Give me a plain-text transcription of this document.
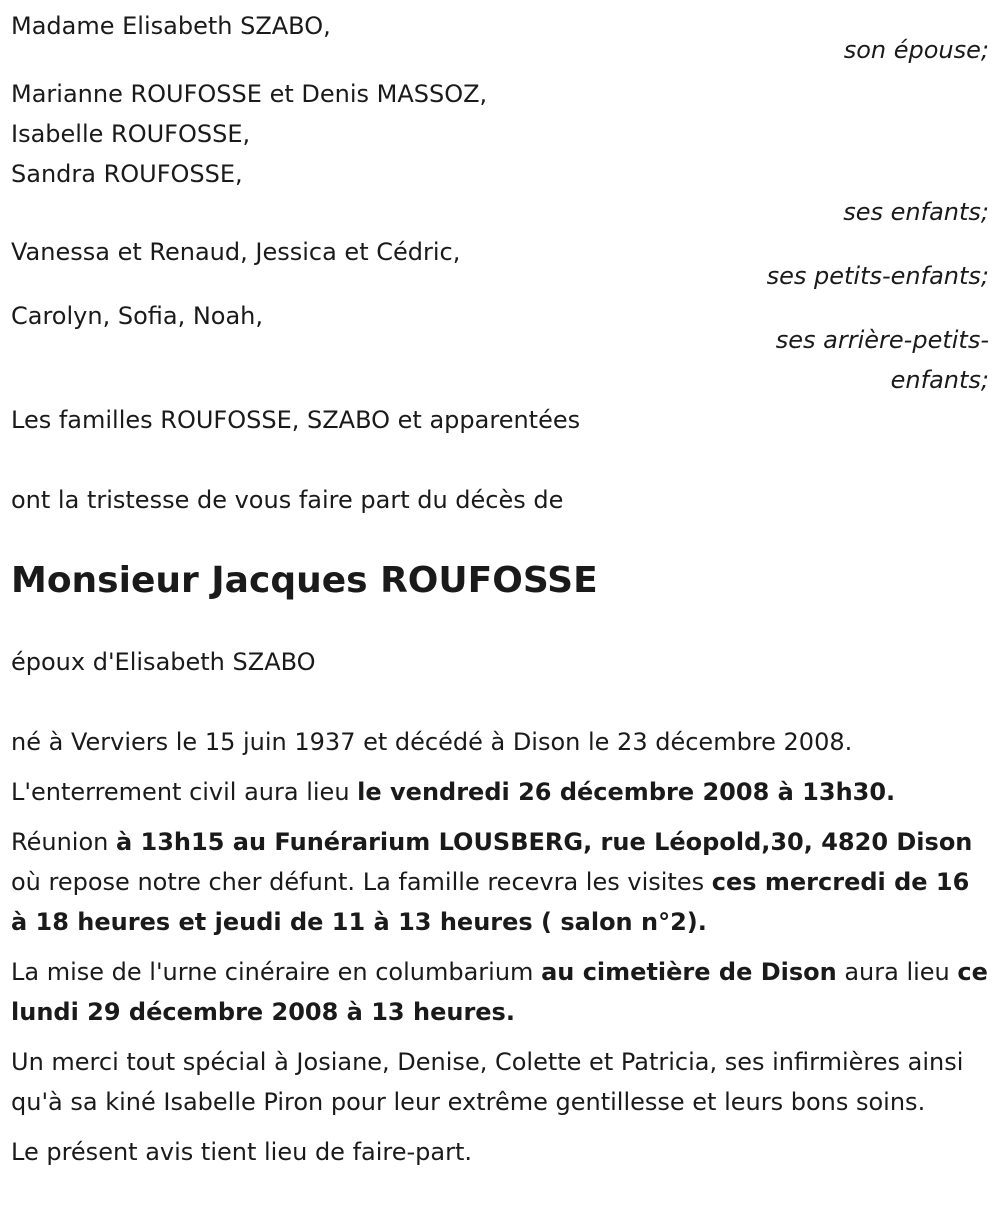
Madame Elisabeth SZABO,
son épouse;
Marianne ROUFOSSE et Denis MASSOZ,
Isabelle ROUFOSSE,
Sandra ROUFOSSE,
ses enfants;
Vanessa et Renaud, Jessica et Cédric,
ses petits-enfants;
Carolyn, Sofia, Noah,
ses arrière-petits-
enfants;
Les familles ROUFOSSE, SZABO et apparentées
ont la tristesse de vous faire part du décès de
Monsieur Jacques ROUFOSSE
époux d'Elisabeth SZABO

né à Verviers le 15 juin 1937 et décédé à Dison le 23 décembre 2008.

L'enterrement civil aura lieu le vendredi 26 décembre 2008 à 13h30.

Réunion à 13h15 au Funérarium LOUSBERG, rue Léopold,30, 4820 Dison où repose notre cher défunt. La famille recevra les visites ces mercredi de 16 à 18 heures et jeudi de 11 à 13 heures ( salon n°2).

La mise de l'urne cinéraire en columbarium au cimetière de Dison aura lieu ce lundi 29 décembre 2008 à 13 heures.

Un merci tout spécial à Josiane, Denise, Colette et Patricia, ses infirmières ainsi qu'à sa kiné Isabelle Piron pour leur extrême gentillesse et leurs bons soins.

Le présent avis tient lieu de faire-part.
